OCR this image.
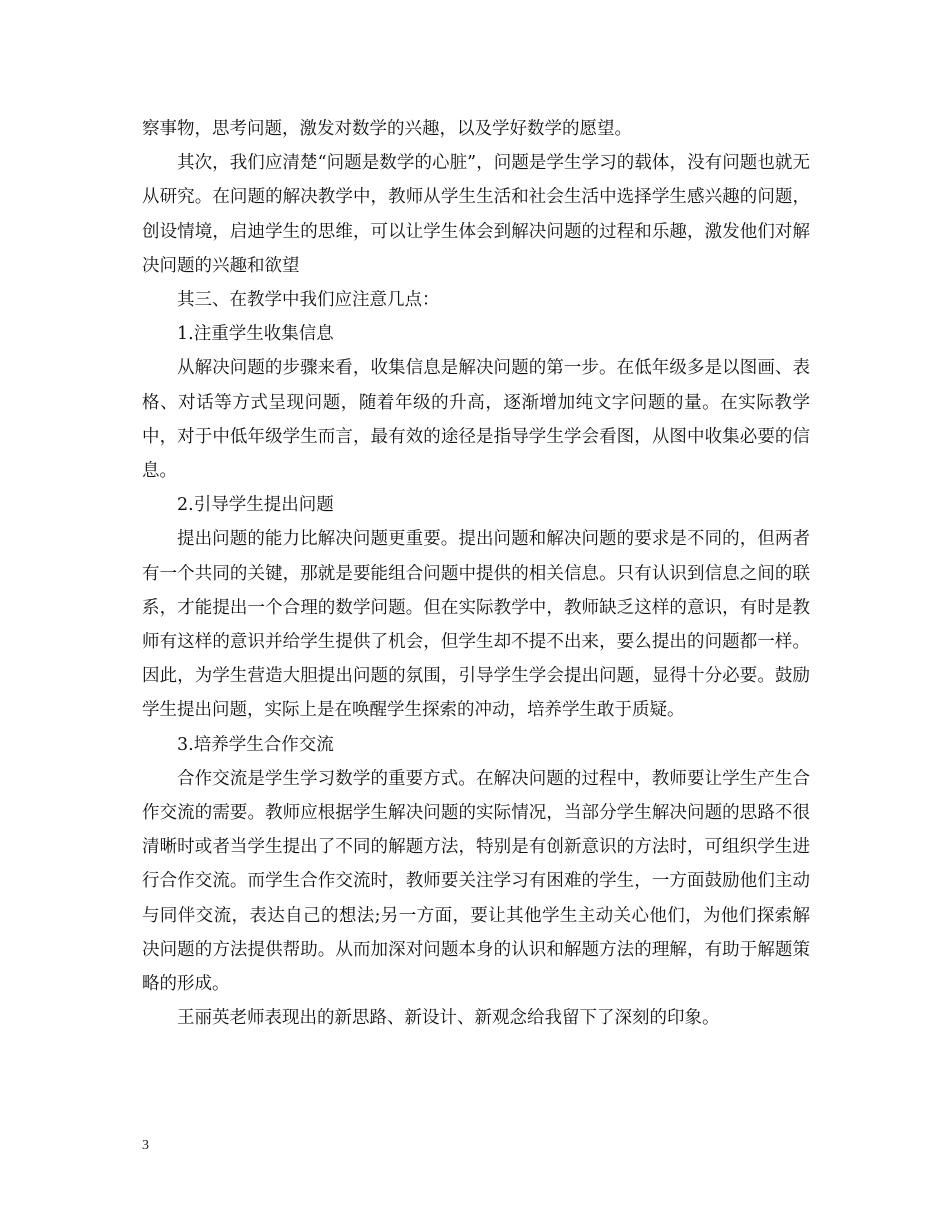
察事物，思考问题，激发对数学的兴趣，以及学好数学的愿望。

其次，我们应清楚“问题是数学的心脏”，问题是学生学习的载体，没有问题也就无从研究。在问题的解决教学中，教师从学生生活和社会生活中选择学生感兴趣的问题，创设情境，启迪学生的思维，可以让学生体会到解决问题的过程和乐趣，激发他们对解决问题的兴趣和欲望

其三、在教学中我们应注意几点：

1.注重学生收集信息

从解决问题的步骤来看，收集信息是解决问题的第一步。在低年级多是以图画、表格、对话等方式呈现问题，随着年级的升高，逐渐增加纯文字问题的量。在实际教学中，对于中低年级学生而言，最有效的途径是指导学生学会看图，从图中收集必要的信息。

2.引导学生提出问题

提出问题的能力比解决问题更重要。提出问题和解决问题的要求是不同的，但两者有一个共同的关键，那就是要能组合问题中提供的相关信息。只有认识到信息之间的联系，才能提出一个合理的数学问题。但在实际教学中，教师缺乏这样的意识，有时是教师有这样的意识并给学生提供了机会，但学生却不提不出来，要么提出的问题都一样。因此，为学生营造大胆提出问题的氛围，引导学生学会提出问题，显得十分必要。鼓励学生提出问题，实际上是在唤醒学生探索的冲动，培养学生敢于质疑。

3.培养学生合作交流

合作交流是学生学习数学的重要方式。在解决问题的过程中，教师要让学生产生合作交流的需要。教师应根据学生解决问题的实际情况，当部分学生解决问题的思路不很清晰时或者当学生提出了不同的解题方法，特别是有创新意识的方法时，可组织学生进行合作交流。而学生合作交流时，教师要关注学习有困难的学生，一方面鼓励他们主动与同伴交流，表达自己的想法;另一方面，要让其他学生主动关心他们，为他们探索解决问题的方法提供帮助。从而加深对问题本身的认识和解题方法的理解，有助于解题策略的形成。

王丽英老师表现出的新思路、新设计、新观念给我留下了深刻的印象。

3
